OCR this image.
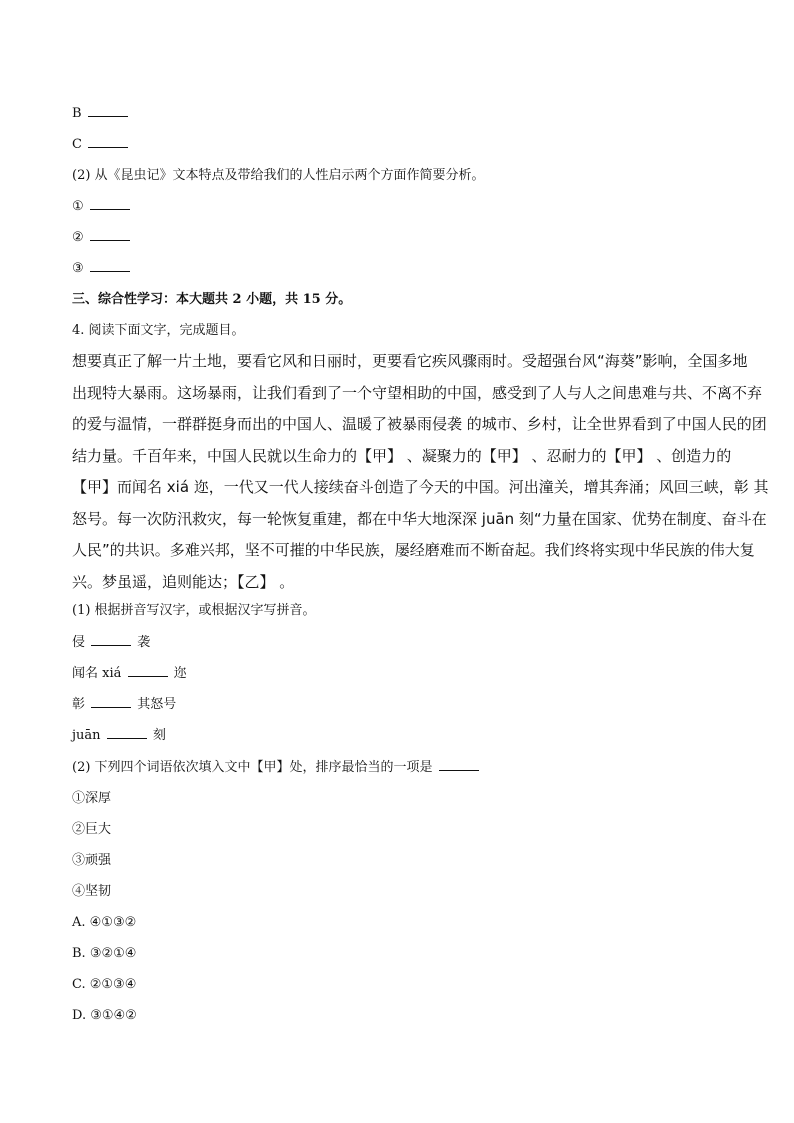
B
C
(2) 从《昆虫记》文本特点及带给我们的人性启示两个方面作简要分析。
①
②
③
三、综合性学习：本大题共 2 小题，共 15 分。
4. 阅读下面文字，完成题目。
想要真正了解一片土地，要看它风和日丽时，更要看它疾风骤雨时。受超强台风“海葵”影响，全国多地
出现特大暴雨。这场暴雨，让我们看到了一个守望相助的中国，感受到了人与人之间患难与共、不离不弃
的爱与温情，一群群挺身而出的中国人、温暖了被暴雨侵袭 的城市、乡村，让全世界看到了中国人民的团
结力量。千百年来，中国人民就以生命力的【甲】 、凝聚力的【甲】 、忍耐力的【甲】 、创造力的
【甲】而闻名 xiá 迩，一代又一代人接续奋斗创造了今天的中国。河出潼关，增其奔涌；风回三峡，彰 其
怒号。每一次防汛救灾，每一轮恢复重建，都在中华大地深深 juān 刻“力量在国家、优势在制度、奋斗在
人民”的共识。多难兴邦，坚不可摧的中华民族，屡经磨难而不断奋起。我们终将实现中华民族的伟大复
兴。梦虽遥，追则能达；【乙】 。
(1) 根据拼音写汉字，或根据汉字写拼音。
侵	袭
闻名 xiá	迩
彰	其怒号
juān	刻
(2) 下列四个词语依次填入文中【甲】处，排序最恰当的一项是
①深厚
②巨大
③顽强
④坚韧
A. ④①③②
B. ③②①④
C. ②①③④
D. ③①④②
